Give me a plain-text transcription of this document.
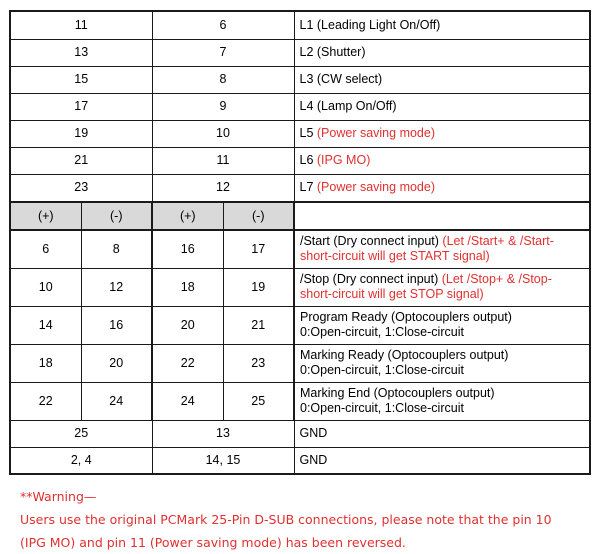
11		6		L1 (Leading Light On/Off)
13		7		L2 (Shutter)
15		8		L3 (CW select)
17		9		L4 (Lamp On/Off)
19		10		L5 (Power saving mode)
21		11		L6 (IPG MO)
23		12		L7 (Power saving mode)
(+)	(-)	(+)	(-)	
6	8	16	17	/Start (Dry connect input) (Let /Start+ & /Start-
short-circuit will get START signal)

10	12	18	19	/Stop (Dry connect input) (Let /Stop+ & /Stop-
short-circuit will get STOP signal)

14	16	20	21	Program Ready (Optocouplers output)
0:Open-circuit, 1:Close-circuit

18	20	22	23	Marking Ready (Optocouplers output)
0:Open-circuit, 1:Close-circuit

22	24	24	25	Marking End (Optocouplers output)
0:Open-circuit, 1:Close-circuit

25		13		GND
2, 4		14, 15		GND
**Warning—
Users use the original PCMark 25-Pin D-SUB connections, please note that the pin 10
(IPG MO) and pin 11 (Power saving mode) has been reversed.
